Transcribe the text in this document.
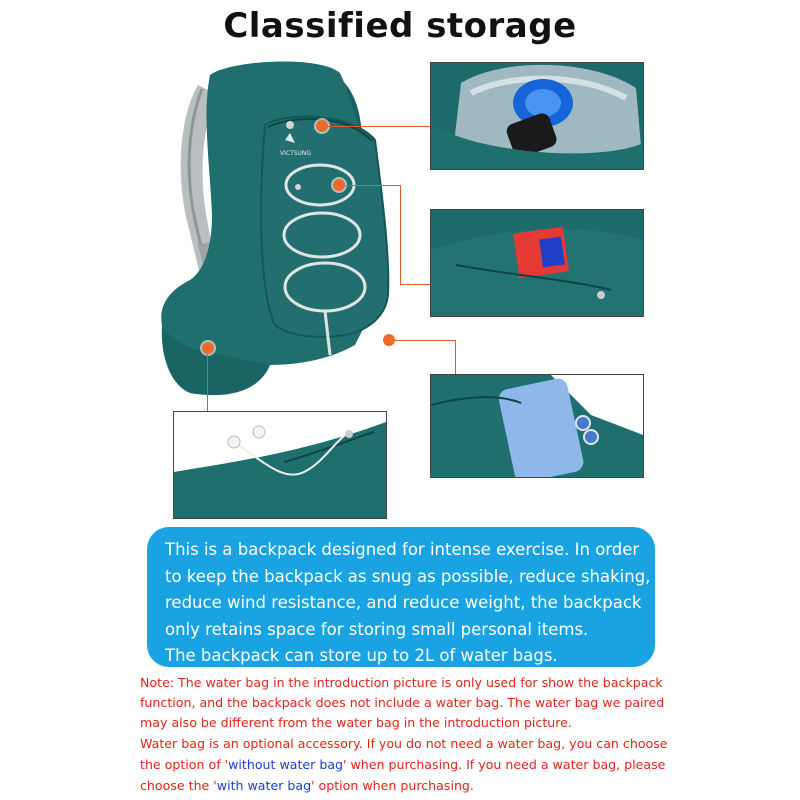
Classified storage
VICTSUNG
This is a backpack designed for intense exercise. In order
to keep the backpack as snug as possible, reduce shaking,
reduce wind resistance, and reduce weight, the backpack
only retains space for storing small personal items.
The backpack can store up to 2L of water bags.
Note: The water bag in the introduction picture is only used for show the backpack
function, and the backpack does not include a water bag. The water bag we paired
may also be different from the water bag in the introduction picture.
Water bag is an optional accessory. If you do not need a water bag, you can choose
the option of 'without water bag' when purchasing. If you need a water bag, please
choose the 'with water bag' option when purchasing.
